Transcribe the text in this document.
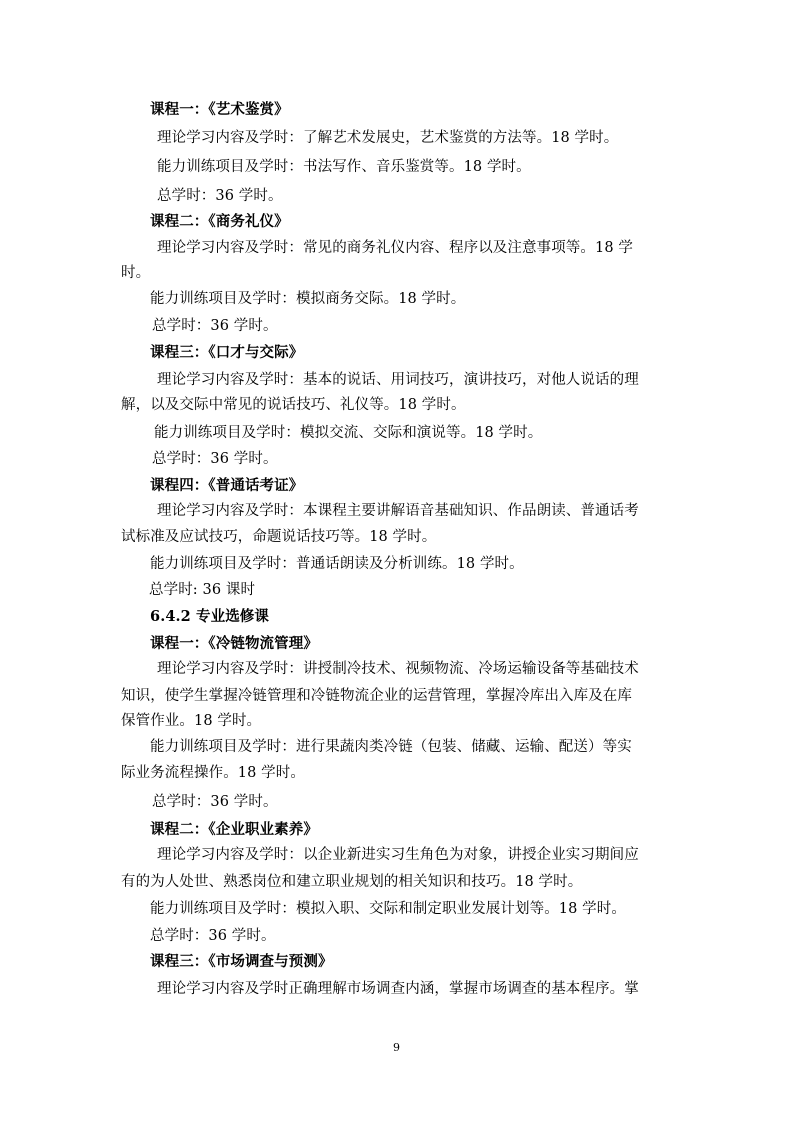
课程一：《艺术鉴赏》
理论学习内容及学时：了解艺术发展史，艺术鉴赏的方法等。18 学时。
能力训练项目及学时：书法写作、音乐鉴赏等。18 学时。
总学时：36 学时。
课程二：《商务礼仪》
理论学习内容及学时：常见的商务礼仪内容、程序以及注意事项等。18 学
时。
能力训练项目及学时：模拟商务交际。18 学时。
总学时：36 学时。
课程三：《口才与交际》
理论学习内容及学时：基本的说话、用词技巧，演讲技巧，对他人说话的理
解，以及交际中常见的说话技巧、礼仪等。18 学时。
能力训练项目及学时：模拟交流、交际和演说等。18 学时。
总学时：36 学时。
课程四：《普通话考证》
理论学习内容及学时：本课程主要讲解语音基础知识、作品朗读、普通话考
试标准及应试技巧，命题说话技巧等。18 学时。
能力训练项目及学时：普通话朗读及分析训练。18 学时。
总学时: 36 课时
6.4.2 专业选修课
课程一：《冷链物流管理》
理论学习内容及学时：讲授制冷技术、视频物流、冷场运输设备等基础技术
知识，使学生掌握冷链管理和冷链物流企业的运营管理，掌握冷库出入库及在库
保管作业。18 学时。
能力训练项目及学时：进行果蔬肉类冷链（包装、储藏、运输、配送）等实
际业务流程操作。18 学时。
总学时：36 学时。
课程二：《企业职业素养》
理论学习内容及学时：以企业新进实习生角色为对象，讲授企业实习期间应
有的为人处世、熟悉岗位和建立职业规划的相关知识和技巧。18 学时。
能力训练项目及学时：模拟入职、交际和制定职业发展计划等。18 学时。
总学时：36 学时。
课程三：《市场调查与预测》
理论学习内容及学时正确理解市场调查内涵，掌握市场调查的基本程序。掌
9
